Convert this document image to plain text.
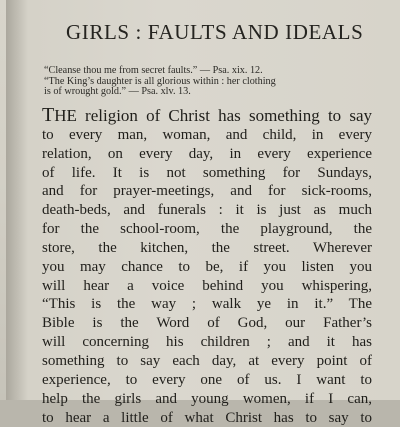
GIRLS : FAULTS AND IDEALS
“Cleanse thou me from secret faults.” — Psa. xix. 12.
“The King’s daughter is all glorious within : her clothing
is of wrought gold.” — Psa. xlv. 13.
THE religion of Christ has something to say
to every man, woman, and child, in every
relation, on every day, in every experience
of life. It is not something for Sundays,
and for prayer-meetings, and for sick-rooms,
death-beds, and funerals : it is just as much
for the school-room, the playground, the
store, the kitchen, the street. Wherever
you may chance to be, if you listen you
will hear a voice behind you whispering,
“This is the way ; walk ye in it.” The
Bible is the Word of God, our Father’s
will concerning his children ; and it has
something to say each day, at every point of
experience, to every one of us. I want to
help the girls and young women, if I can,
to hear a little of what Christ has to say to
